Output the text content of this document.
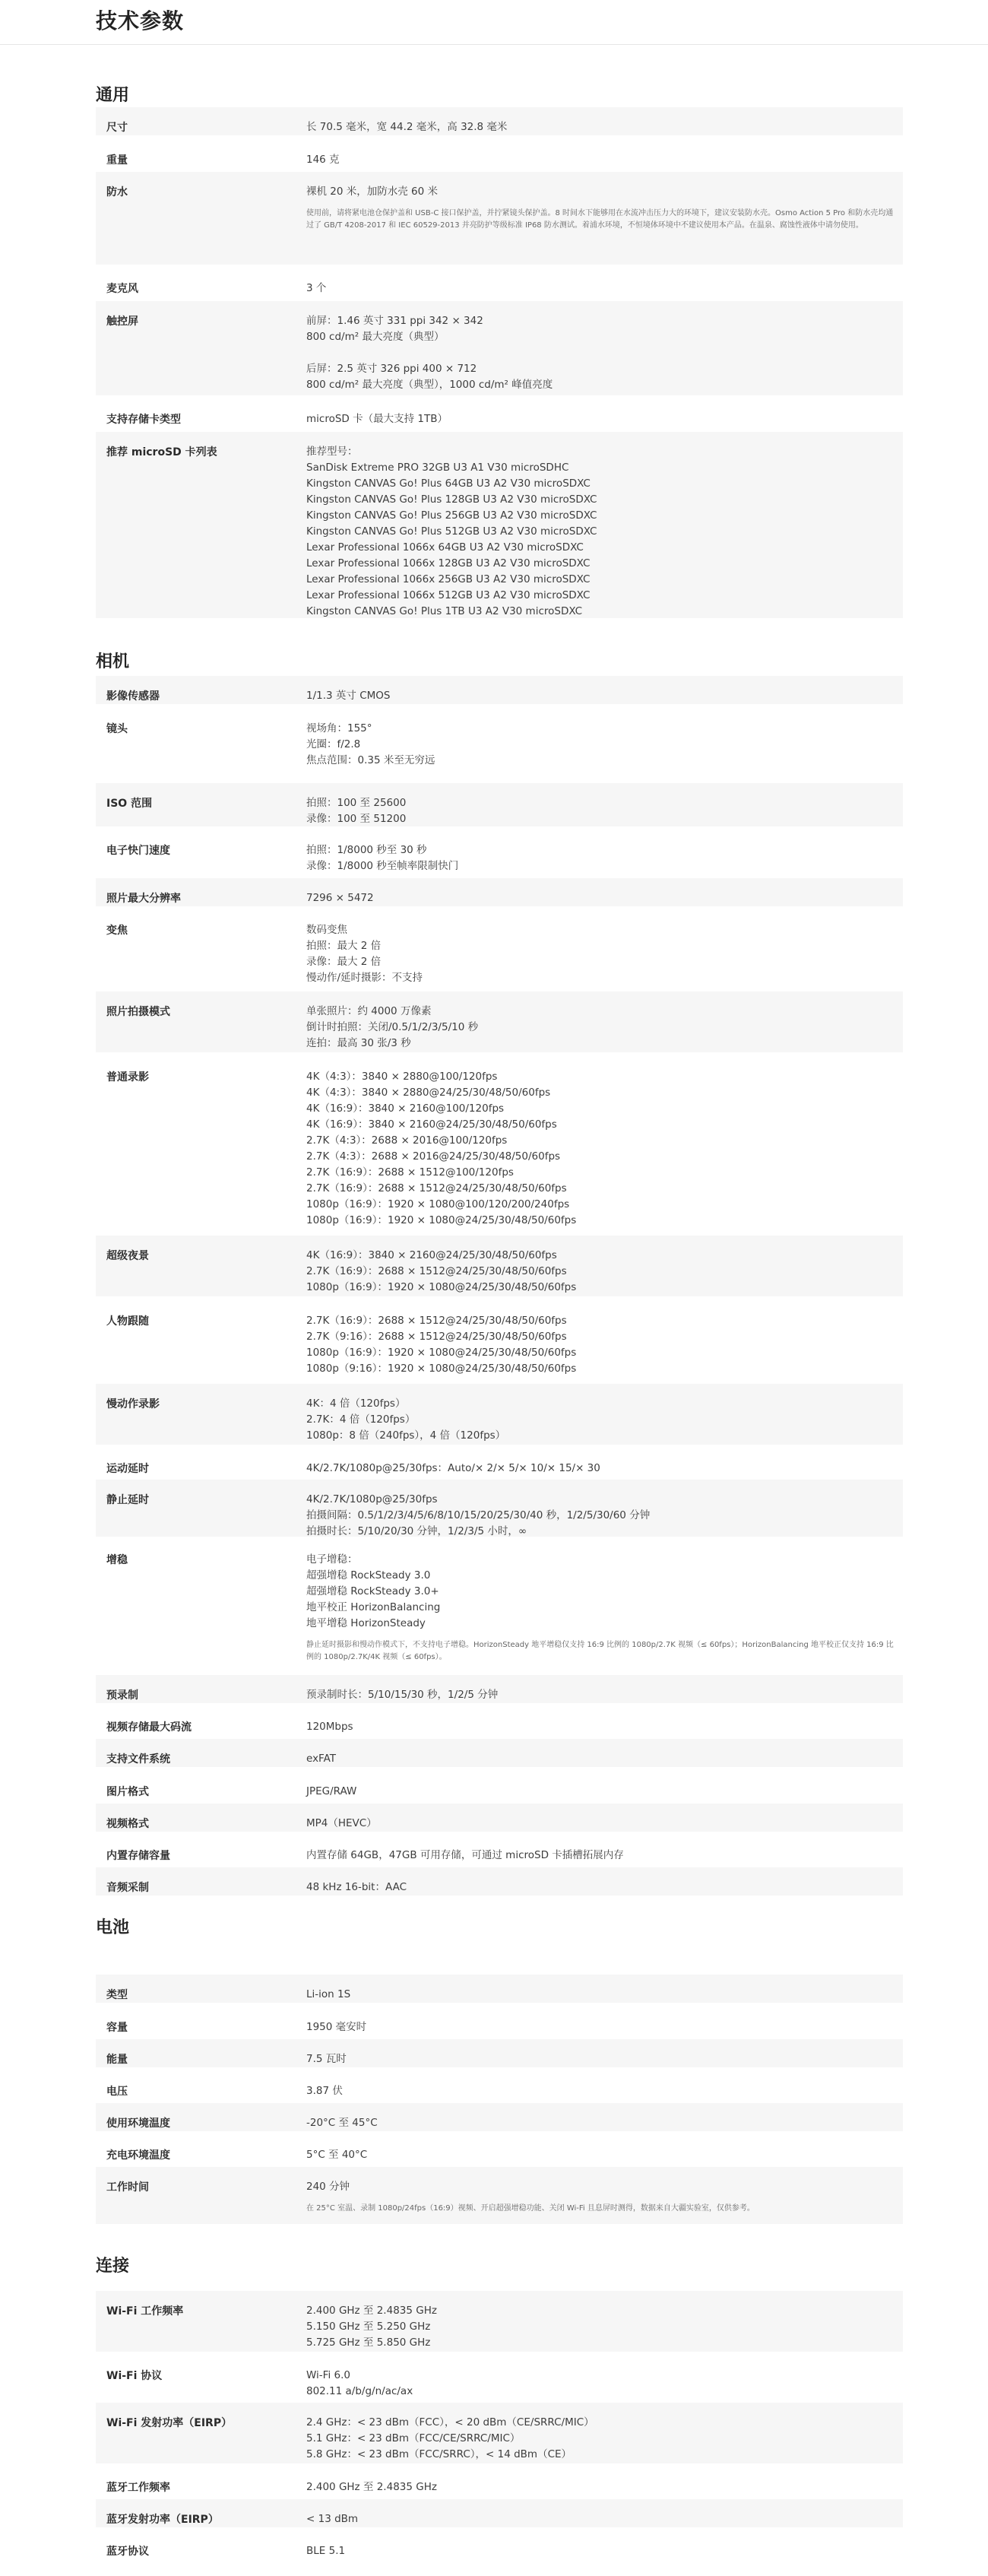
技术参数
通用
尺寸	长 70.5 毫米，宽 44.2 毫米，高 32.8 毫米
重量	146 克
防水	裸机 20 米，加防水壳 60 米
使用前，请将紧电池仓保护盖和 USB-C 接口保护盖，并拧紧镜头保护盖。8 时间水下能够用在水流冲击压力大的环境下，建议安装防水壳。Osmo Action 5 Pro 和防水壳均通过了 GB/T 4208-2017 和 IEC 60529-2013 并亮防护等级标准 IP68 防水测试。着浦水环境，不恒境体环境中不建议使用本产品。在温泉、腐蚀性液体中请勿使用。
麦克风	3 个
触控屏	前屏：1.46 英寸 331 ppi 342 × 342
800 cd/m² 最大亮度（典型）
后屏：2.5 英寸 326 ppi 400 × 712
800 cd/m² 最大亮度（典型），1000 cd/m² 峰值亮度
支持存储卡类型	microSD 卡（最大支持 1TB）
推荐 microSD 卡列表	推荐型号：
SanDisk Extreme PRO 32GB U3 A1 V30 microSDHC
Kingston CANVAS Go! Plus 64GB U3 A2 V30 microSDXC
Kingston CANVAS Go! Plus 128GB U3 A2 V30 microSDXC
Kingston CANVAS Go! Plus 256GB U3 A2 V30 microSDXC
Kingston CANVAS Go! Plus 512GB U3 A2 V30 microSDXC
Lexar Professional 1066x 64GB U3 A2 V30 microSDXC
Lexar Professional 1066x 128GB U3 A2 V30 microSDXC
Lexar Professional 1066x 256GB U3 A2 V30 microSDXC
Lexar Professional 1066x 512GB U3 A2 V30 microSDXC
Kingston CANVAS Go! Plus 1TB U3 A2 V30 microSDXC
相机
影像传感器	1/1.3 英寸 CMOS
镜头	视场角：155°
光圈：f/2.8
焦点范围：0.35 米至无穷远
ISO 范围	拍照：100 至 25600
录像：100 至 51200
电子快门速度	拍照：1/8000 秒至 30 秒
录像：1/8000 秒至帧率限制快门
照片最大分辨率	7296 × 5472
变焦	数码变焦
拍照：最大 2 倍
录像：最大 2 倍
慢动作/延时摄影：不支持
照片拍摄模式	单张照片：约 4000 万像素
倒计时拍照：关闭/0.5/1/2/3/5/10 秒
连拍：最高 30 张/3 秒
普通录影	4K（4:3）：3840 × 2880@100/120fps
4K（4:3）：3840 × 2880@24/25/30/48/50/60fps
4K（16:9）：3840 × 2160@100/120fps
4K（16:9）：3840 × 2160@24/25/30/48/50/60fps
2.7K（4:3）：2688 × 2016@100/120fps
2.7K（4:3）：2688 × 2016@24/25/30/48/50/60fps
2.7K（16:9）：2688 × 1512@100/120fps
2.7K（16:9）：2688 × 1512@24/25/30/48/50/60fps
1080p（16:9）：1920 × 1080@100/120/200/240fps
1080p（16:9）：1920 × 1080@24/25/30/48/50/60fps
超级夜景	4K（16:9）：3840 × 2160@24/25/30/48/50/60fps
2.7K（16:9）：2688 × 1512@24/25/30/48/50/60fps
1080p（16:9）：1920 × 1080@24/25/30/48/50/60fps
人物跟随	2.7K（16:9）：2688 × 1512@24/25/30/48/50/60fps
2.7K（9:16）：2688 × 1512@24/25/30/48/50/60fps
1080p（16:9）：1920 × 1080@24/25/30/48/50/60fps
1080p（9:16）：1920 × 1080@24/25/30/48/50/60fps
慢动作录影	4K：4 倍（120fps）
2.7K：4 倍（120fps）
1080p：8 倍（240fps），4 倍（120fps）
运动延时	4K/2.7K/1080p@25/30fps：Auto/× 2/× 5/× 10/× 15/× 30
静止延时	4K/2.7K/1080p@25/30fps
拍摄间隔：0.5/1/2/3/4/5/6/8/10/15/20/25/30/40 秒，1/2/5/30/60 分钟
拍摄时长：5/10/20/30 分钟，1/2/3/5 小时，∞
增稳	电子增稳：
超强增稳 RockSteady 3.0
超强增稳 RockSteady 3.0+
地平校正 HorizonBalancing
地平增稳 HorizonSteady
静止延时摄影和慢动作模式下，不支持电子增稳。HorizonSteady 地平增稳仅支持 16:9 比例的 1080p/2.7K 视频（≤ 60fps）；HorizonBalancing 地平校正仅支持 16:9 比例的 1080p/2.7K/4K 视频（≤ 60fps）。
预录制	预录制时长：5/10/15/30 秒，1/2/5 分钟
视频存储最大码流	120Mbps
支持文件系统	exFAT
图片格式	JPEG/RAW
视频格式	MP4（HEVC）
内置存储容量	内置存储 64GB，47GB 可用存储，可通过 microSD 卡插槽拓展内存
音频采制	48 kHz 16-bit：AAC
电池
类型	Li-ion 1S
容量	1950 毫安时
能量	7.5 瓦时
电压	3.87 伏
使用环境温度	-20°C 至 45°C
充电环境温度	5°C 至 40°C
工作时间	240 分钟
在 25°C 室温、录制 1080p/24fps（16:9）视频、开启超强增稳功能、关闭 Wi-Fi 且息屏时测得，数据来自大疆实验室，仅供参考。
连接
Wi-Fi 工作频率	2.400 GHz 至 2.4835 GHz
5.150 GHz 至 5.250 GHz
5.725 GHz 至 5.850 GHz
Wi-Fi 协议	Wi-Fi 6.0
802.11 a/b/g/n/ac/ax
Wi-Fi 发射功率（EIRP）	2.4 GHz：< 23 dBm（FCC），< 20 dBm（CE/SRRC/MIC）
5.1 GHz：< 23 dBm（FCC/CE/SRRC/MIC）
5.8 GHz：< 23 dBm（FCC/SRRC），< 14 dBm（CE）
蓝牙工作频率	2.400 GHz 至 2.4835 GHz
蓝牙发射功率（EIRP）	< 13 dBm
蓝牙协议	BLE 5.1
